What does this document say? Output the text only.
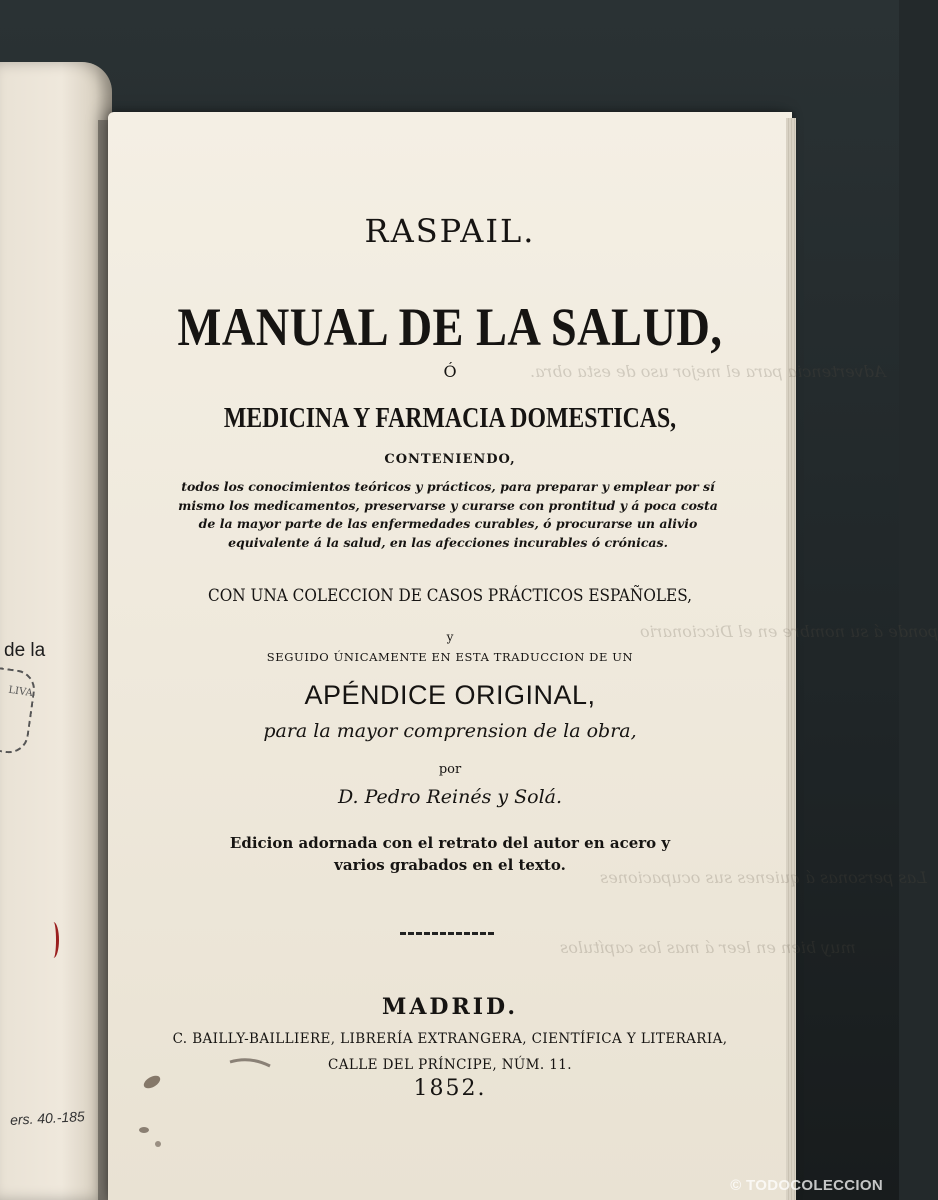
de la
LIVA
ers. 40.-185
Advertencia para el mejor uso de esta obra.
ponde á su nombre en el Diccionario
Las personas á quienes sus ocupaciones
muy bien en leer á mas los capítulos
RASPAIL.
MANUAL DE LA SALUD,
Ó
MEDICINA Y FARMACIA DOMESTICAS,
CONTENIENDO,
todos los conocimientos teóricos y prácticos, para preparar y emplear por sí mismo los medicamentos, preservarse y curarse con prontitud y á poca costa de la mayor parte de las enfermedades curables, ó procurarse un alivio equivalente á la salud, en las afecciones incurables ó crónicas.
CON UNA COLECCION DE CASOS PRÁCTICOS ESPAÑOLES,
y
SEGUIDO ÚNICAMENTE EN ESTA TRADUCCION DE UN
APÉNDICE ORIGINAL,
para la mayor comprension de la obra,
por
D. Pedro Reinés y Solá.
Edicion adornada con el retrato del autor en acero y varios grabados en el texto.
MADRID.
C. BAILLY-BAILLIERE, LIBRERÍA EXTRANGERA, CIENTÍFICA Y LITERARIA,
CALLE DEL PRÍNCIPE, NÚM. 11.
1852.
© TODOCOLECCION
